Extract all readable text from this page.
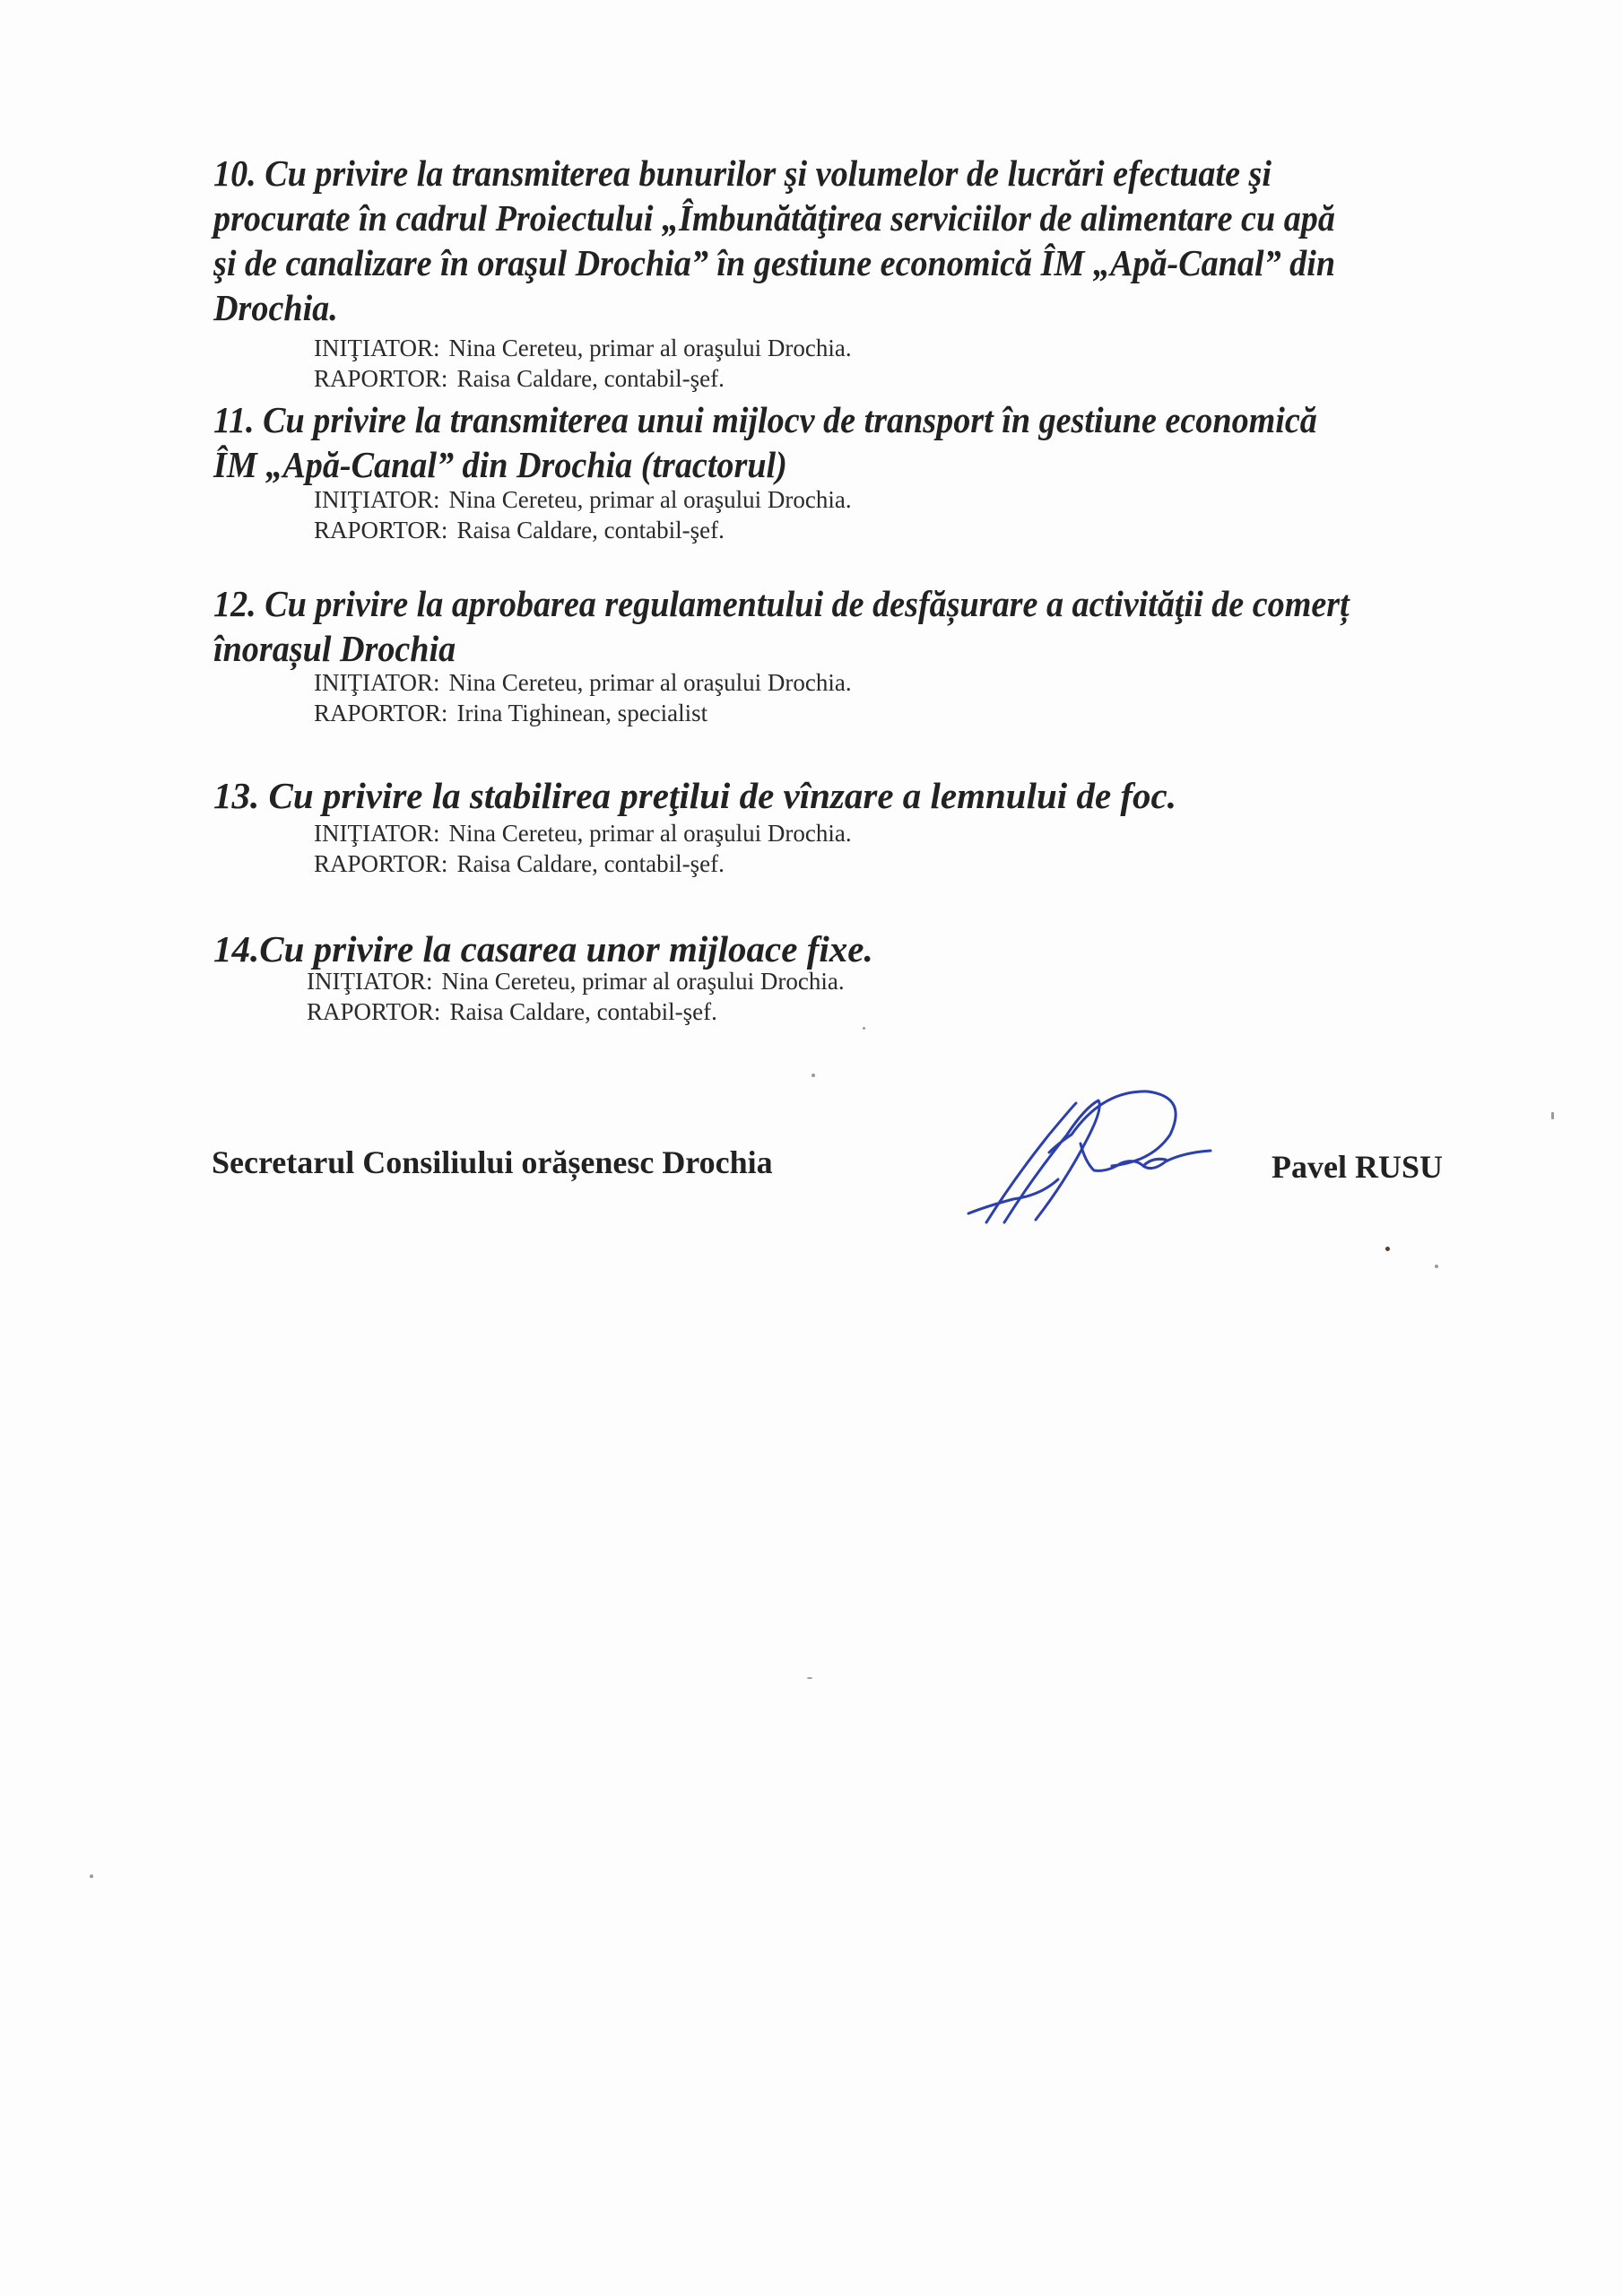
10. Cu privire la transmiterea bunurilor şi volumelor de lucrări efectuate şi
procurate în cadrul Proiectului „Îmbunătăţirea serviciilor de alimentare cu apă
şi de canalizare în oraşul Drochia” în gestiune economică ÎM „Apă-Canal” din
Drochia.
INIŢIATOR: Nina Cereteu, primar al oraşului Drochia.
RAPORTOR: Raisa Caldare, contabil-şef.
11. Cu privire la transmiterea unui mijlocv de transport în gestiune economică
ÎM „Apă-Canal” din Drochia (tractorul)
INIŢIATOR: Nina Cereteu, primar al oraşului Drochia.
RAPORTOR: Raisa Caldare, contabil-şef.
12. Cu privire la aprobarea regulamentului de desfășurare a activităţii de comerț
înorașul Drochia
INIŢIATOR: Nina Cereteu, primar al oraşului Drochia.
RAPORTOR: Irina Tighinean, specialist
13. Cu privire la stabilirea preţilui de vînzare a lemnului de foc.
INIŢIATOR: Nina Cereteu, primar al oraşului Drochia.
RAPORTOR: Raisa Caldare, contabil-şef.
14.Cu privire la casarea unor mijloace fixe.
INIŢIATOR: Nina Cereteu, primar al oraşului Drochia.
RAPORTOR: Raisa Caldare, contabil-şef.
Secretarul Consiliului orășenesc Drochia	Pavel RUSU
